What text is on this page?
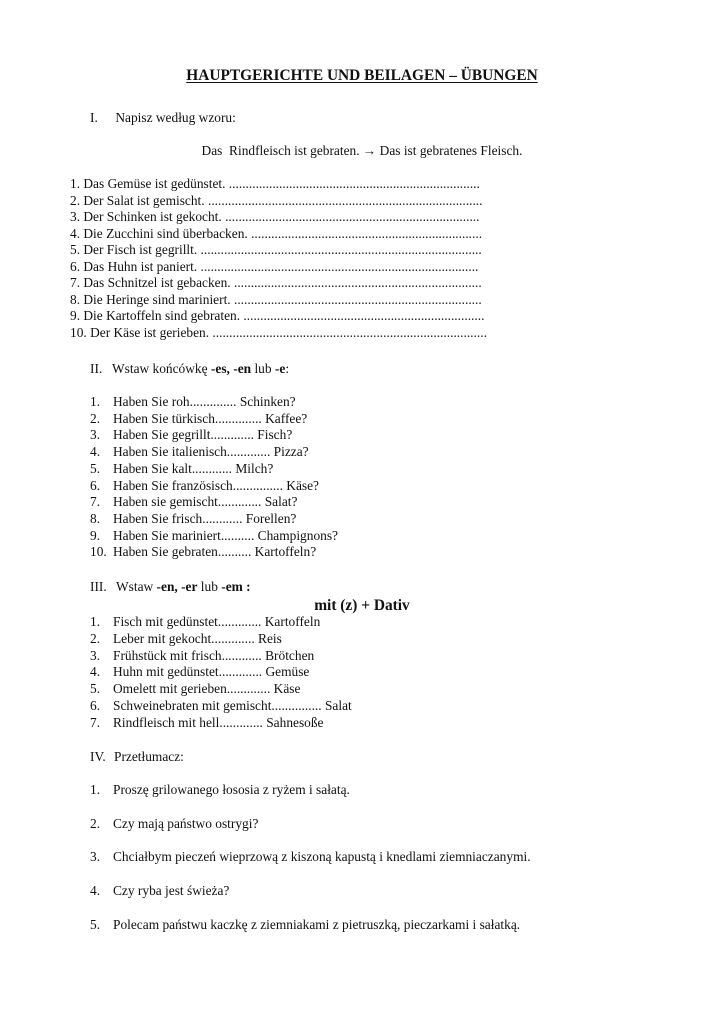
HAUPTGERICHTE UND BEILAGEN – ÜBUNGEN
I. Napisz według wzoru:
Das  Rindfleisch ist gebraten. → Das ist gebratenes Fleisch.
1. Das Gemüse ist gedünstet. ...........................................................................
2. Der Salat ist gemischt. ..................................................................................
3. Der Schinken ist gekocht. ............................................................................
4. Die Zucchini sind überbacken. .....................................................................
5. Der Fisch ist gegrillt. ....................................................................................
6. Das Huhn ist paniert. ...................................................................................
7. Das Schnitzel ist gebacken. ..........................................................................
8. Die Heringe sind mariniert. ..........................................................................
9. Die Kartoffeln sind gebraten. ........................................................................
10. Der Käse ist gerieben. ..................................................................................
II. Wstaw końcówkę -es, -en lub -e:
1. Haben Sie roh.............. Schinken?
2. Haben Sie türkisch.............. Kaffee?
3. Haben Sie gegrillt............. Fisch?
4. Haben Sie italienisch............. Pizza?
5. Haben Sie kalt............ Milch?
6. Haben Sie französisch............... Käse?
7. Haben sie gemischt............. Salat?
8. Haben Sie frisch............ Forellen?
9. Haben Sie mariniert.......... Champignons?
10. Haben Sie gebraten.......... Kartoffeln?
III. Wstaw -en, -er lub -em :
mit (z) + Dativ
1. Fisch mit gedünstet............. Kartoffeln
2. Leber mit gekocht............. Reis
3. Frühstück mit frisch............ Brötchen
4. Huhn mit gedünstet............. Gemüse
5. Omelett mit gerieben............. Käse
6. Schweinebraten mit gemischt............... Salat
7. Rindfleisch mit hell............. Sahnesoße
IV. Przetłumacz:
1. Proszę grilowanego łososia z ryżem i sałatą.
2. Czy mają państwo ostrygi?
3. Chciałbym pieczeń wieprzową z kiszoną kapustą i knedlami ziemniaczanymi.
4. Czy ryba jest świeża?
5. Polecam państwu kaczkę z ziemniakami z pietruszką, pieczarkami i sałatką.
